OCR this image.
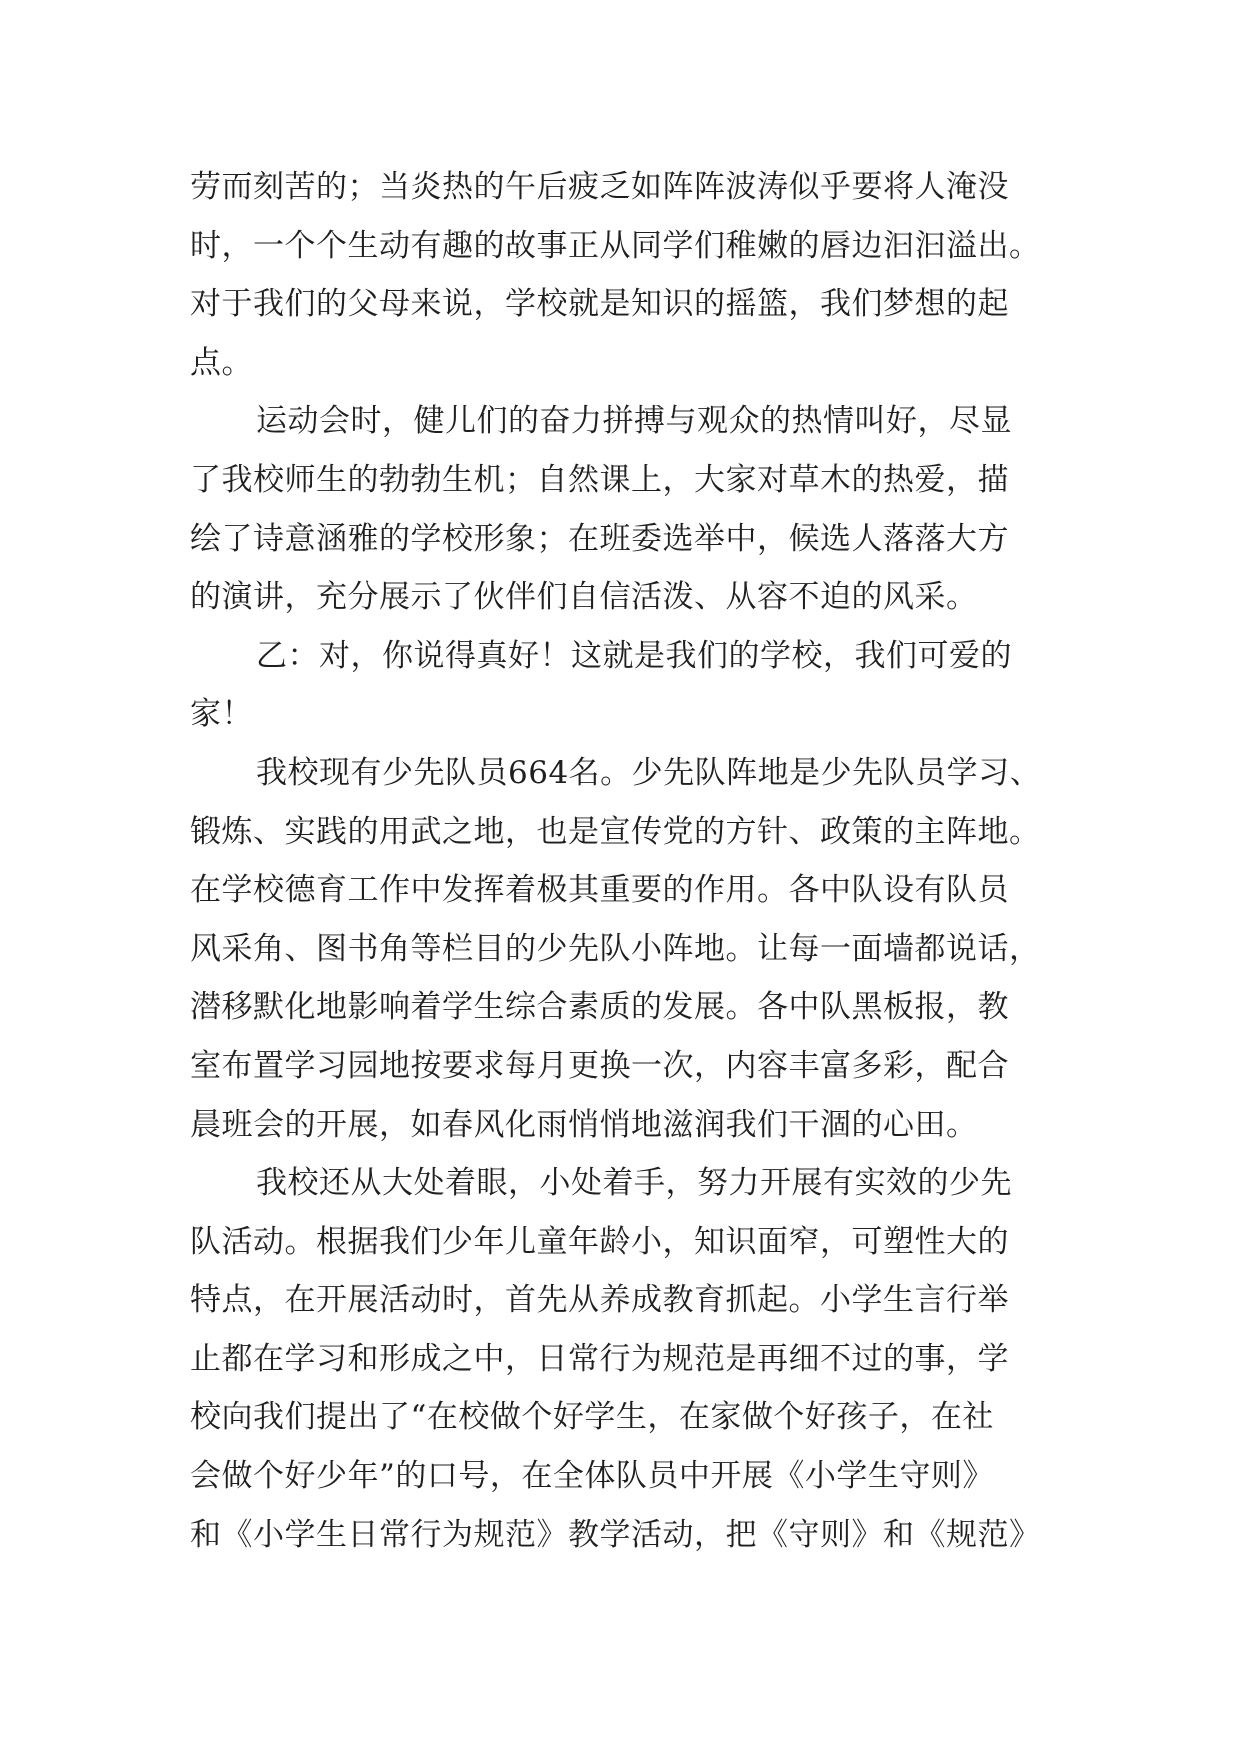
劳而刻苦的；当炎热的午后疲乏如阵阵波涛似乎要将人淹没
时，一个个生动有趣的故事正从同学们稚嫩的唇边汩汩溢出。
对于我们的父母来说，学校就是知识的摇篮，我们梦想的起
点。
运动会时，健儿们的奋力拼搏与观众的热情叫好，尽显
了我校师生的勃勃生机；自然课上，大家对草木的热爱，描
绘了诗意涵雅的学校形象；在班委选举中，候选人落落大方
的演讲，充分展示了伙伴们自信活泼、从容不迫的风采。
乙：对，你说得真好！这就是我们的学校，我们可爱的
家！
我校现有少先队员664名。少先队阵地是少先队员学习、
锻炼、实践的用武之地，也是宣传党的方针、政策的主阵地。
在学校德育工作中发挥着极其重要的作用。各中队设有队员
风采角、图书角等栏目的少先队小阵地。让每一面墙都说话，
潜移默化地影响着学生综合素质的发展。各中队黑板报，教
室布置学习园地按要求每月更换一次，内容丰富多彩，配合
晨班会的开展，如春风化雨悄悄地滋润我们干涸的心田。
我校还从大处着眼，小处着手，努力开展有实效的少先
队活动。根据我们少年儿童年龄小，知识面窄，可塑性大的
特点，在开展活动时，首先从养成教育抓起。小学生言行举
止都在学习和形成之中，日常行为规范是再细不过的事，学
校向我们提出了“在校做个好学生，在家做个好孩子，在社
会做个好少年”的口号，在全体队员中开展《小学生守则》
和《小学生日常行为规范》教学活动，把《守则》和《规范》
